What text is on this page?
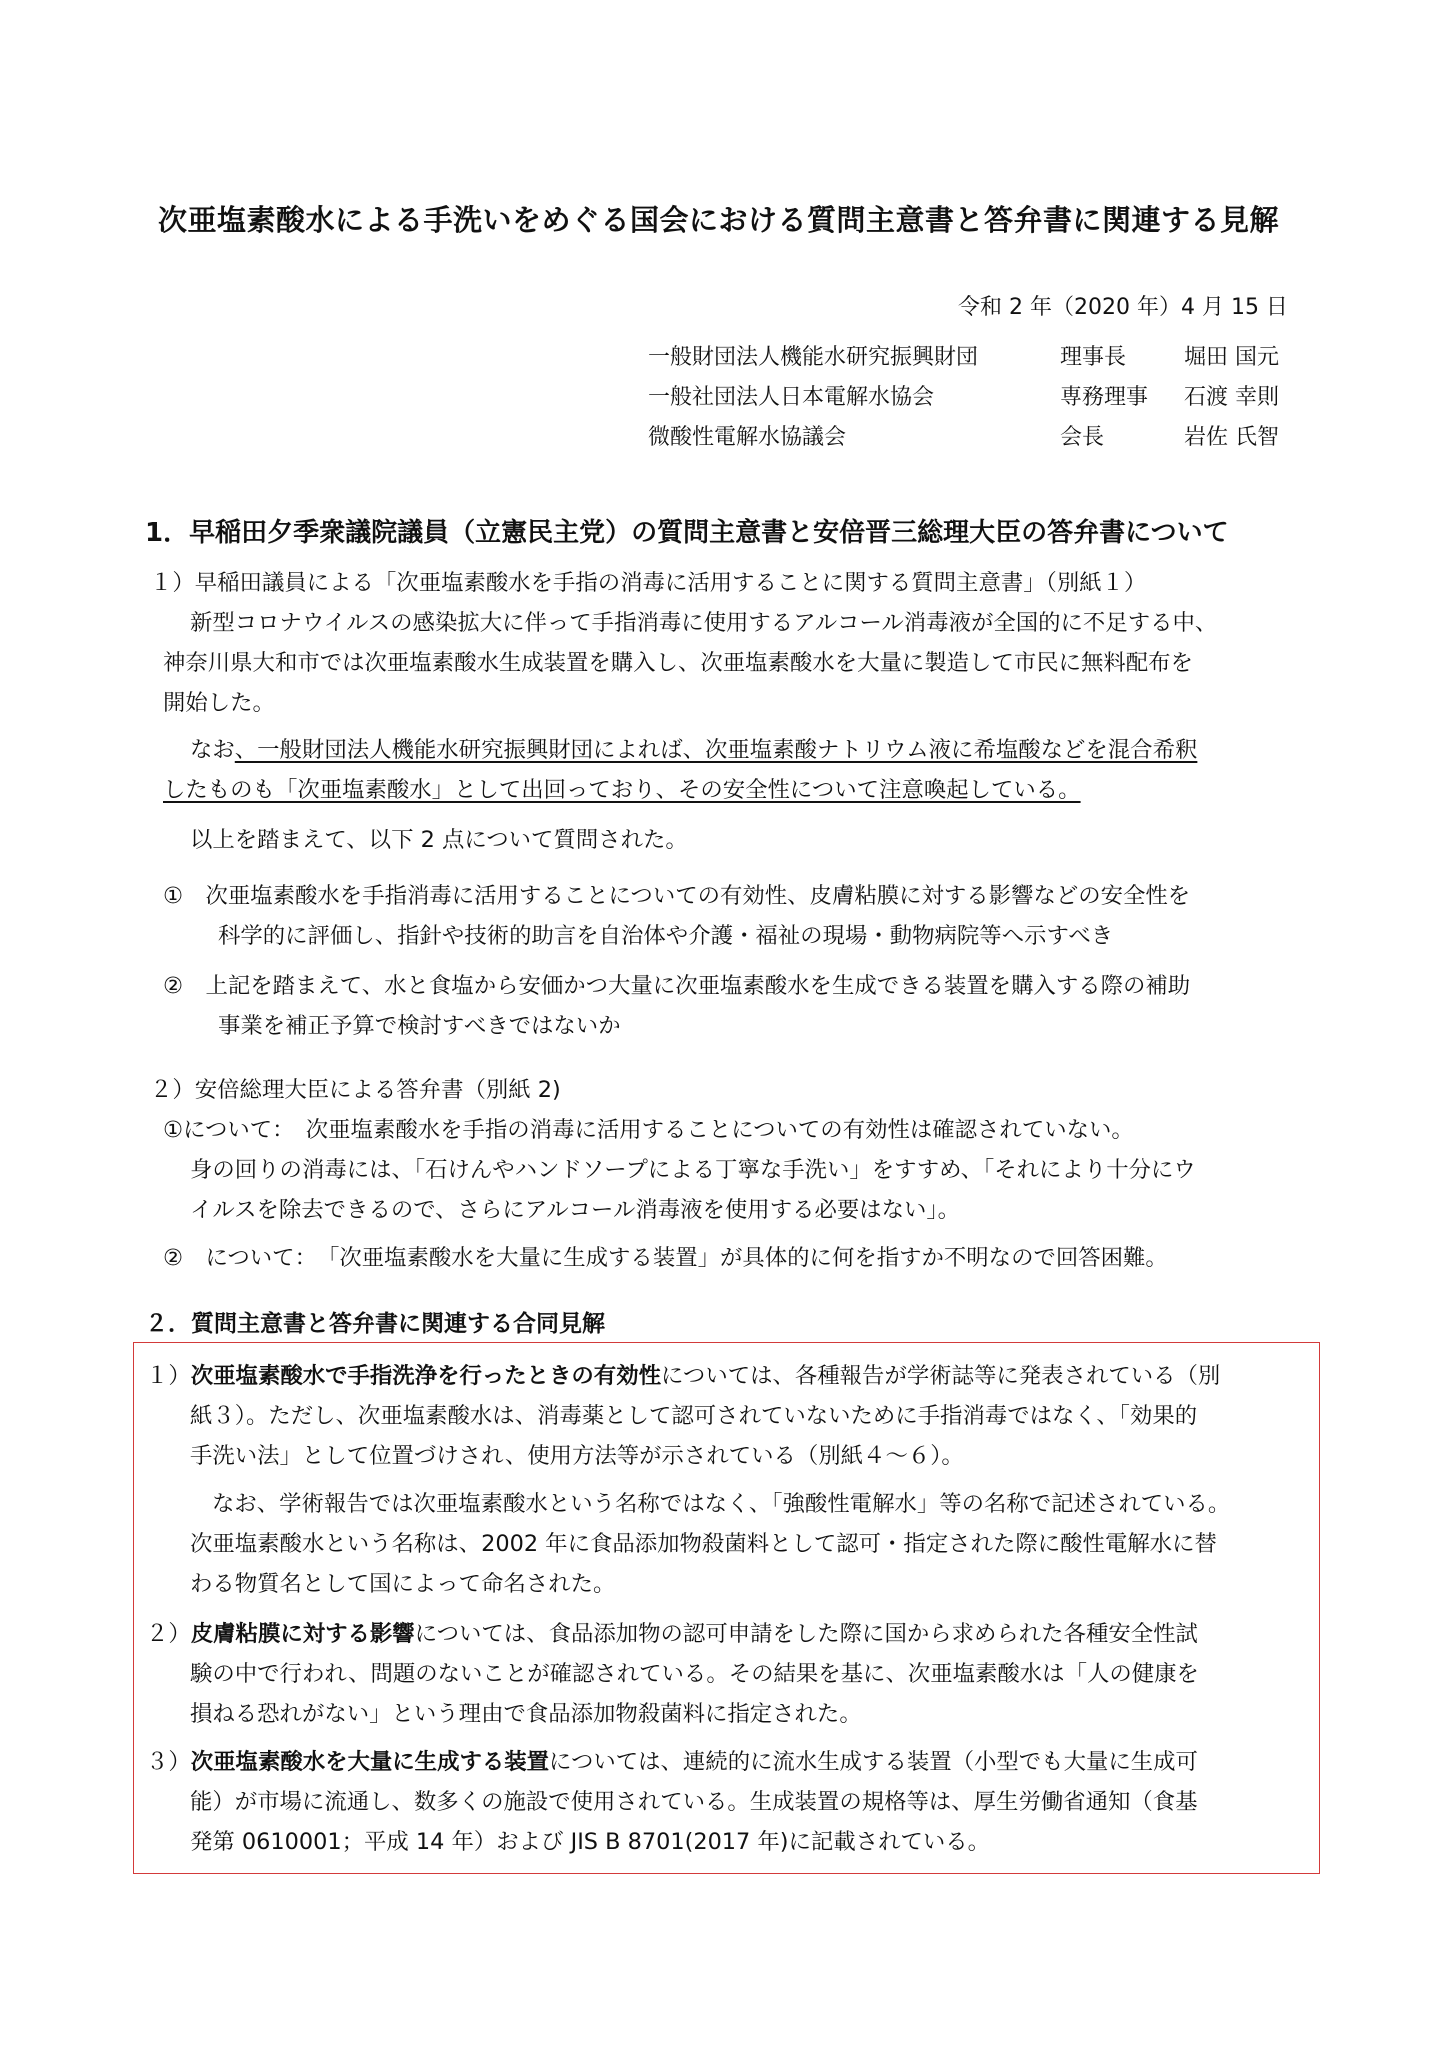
次亜塩素酸水による手洗いをめぐる国会における質問主意書と答弁書に関連する見解
令和 2 年（2020 年）4 月 15 日
一般財団法人機能水研究振興財団	理事長	堀田 国元
一般社団法人日本電解水協会	専務理事 石渡 幸則
微酸性電解水協議会	会長	岩佐 氏智
1．早稲田夕季衆議院議員（立憲民主党）の質問主意書と安倍晋三総理大臣の答弁書について
１）早稲田議員による「次亜塩素酸水を手指の消毒に活用することに関する質問主意書」（別紙１）
新型コロナウイルスの感染拡大に伴って手指消毒に使用するアルコール消毒液が全国的に不足する中、
神奈川県大和市では次亜塩素酸水生成装置を購入し、次亜塩素酸水を大量に製造して市民に無料配布を
開始した。
なお、一般財団法人機能水研究振興財団によれば、次亜塩素酸ナトリウム液に希塩酸などを混合希釈
したものも「次亜塩素酸水」として出回っており、その安全性について注意喚起している。
以上を踏まえて、以下 2 点について質問された。
①　次亜塩素酸水を手指消毒に活用することについての有効性、皮膚粘膜に対する影響などの安全性を
科学的に評価し、指針や技術的助言を自治体や介護・福祉の現場・動物病院等へ示すべき
②　上記を踏まえて、水と食塩から安価かつ大量に次亜塩素酸水を生成できる装置を購入する際の補助
事業を補正予算で検討すべきではないか
２）安倍総理大臣による答弁書（別紙 2)
①について：　次亜塩素酸水を手指の消毒に活用することについての有効性は確認されていない。
身の回りの消毒には、「石けんやハンドソープによる丁寧な手洗い」をすすめ、「それにより十分にウ
イルスを除去できるので、さらにアルコール消毒液を使用する必要はない」。
②　について：　「次亜塩素酸水を大量に生成する装置」が具体的に何を指すか不明なので回答困難。
２．質問主意書と答弁書に関連する合同見解
１）次亜塩素酸水で手指洗浄を行ったときの有効性については、各種報告が学術誌等に発表されている（別
紙３）。ただし、次亜塩素酸水は、消毒薬として認可されていないために手指消毒ではなく、「効果的
手洗い法」として位置づけされ、使用方法等が示されている（別紙４～６）。
なお、学術報告では次亜塩素酸水という名称ではなく、「強酸性電解水」等の名称で記述されている。
次亜塩素酸水という名称は、2002 年に食品添加物殺菌料として認可・指定された際に酸性電解水に替
わる物質名として国によって命名された。
２）皮膚粘膜に対する影響については、食品添加物の認可申請をした際に国から求められた各種安全性試
験の中で行われ、問題のないことが確認されている。その結果を基に、次亜塩素酸水は「人の健康を
損ねる恐れがない」という理由で食品添加物殺菌料に指定された。
３）次亜塩素酸水を大量に生成する装置については、連続的に流水生成する装置（小型でも大量に生成可
能）が市場に流通し、数多くの施設で使用されている。生成装置の規格等は、厚生労働省通知（食基
発第 0610001；平成 14 年）および JIS B 8701(2017 年)に記載されている。
